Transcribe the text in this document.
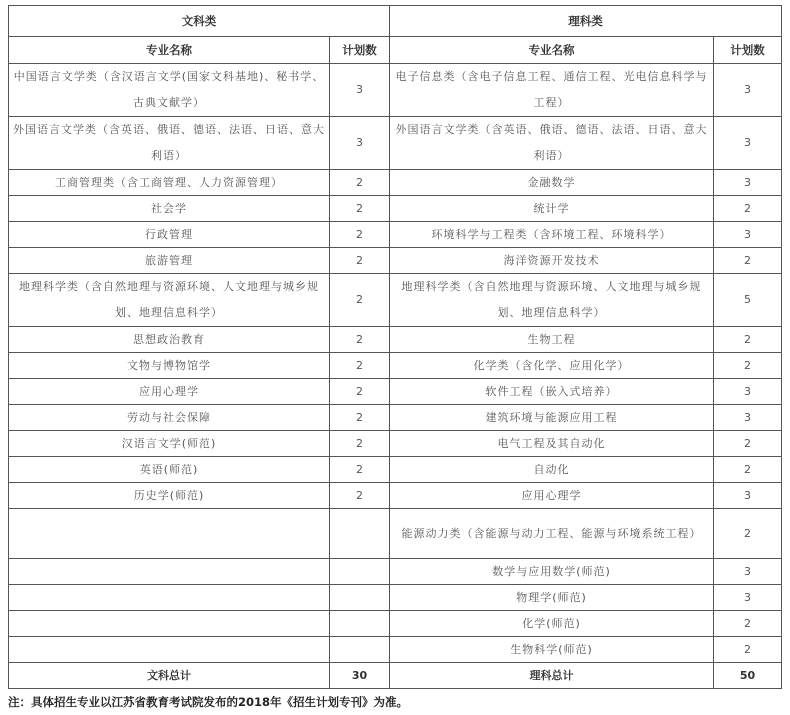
文科类		理科类	
专业名称	计划数	专业名称	计划数
中国语言文学类（含汉语言文学(国家文科基地)、秘书学、古典文献学）	3	电子信息类（含电子信息工程、通信工程、光电信息科学与工程）	3
外国语言文学类（含英语、俄语、德语、法语、日语、意大利语）	3	外国语言文学类（含英语、俄语、德语、法语、日语、意大利语）	3
工商管理类（含工商管理、人力资源管理）	2	金融数学	3
社会学	2	统计学	2
行政管理	2	环境科学与工程类（含环境工程、环境科学）	3
旅游管理	2	海洋资源开发技术	2
地理科学类（含自然地理与资源环境、人文地理与城乡规划、地理信息科学）	2	地理科学类（含自然地理与资源环境、人文地理与城乡规划、地理信息科学）	5
思想政治教育	2	生物工程	2
文物与博物馆学	2	化学类（含化学、应用化学）	2
应用心理学	2	软件工程（嵌入式培养）	3
劳动与社会保障	2	建筑环境与能源应用工程	3
汉语言文学(师范)	2	电气工程及其自动化	2
英语(师范)	2	自动化	2
历史学(师范)	2	应用心理学	3
		能源动力类（含能源与动力工程、能源与环境系统工程）	2
		数学与应用数学(师范)	3
		物理学(师范)	3
		化学(师范)	2
		生物科学(师范)	2
文科总计	30	理科总计	50
注：具体招生专业以江苏省教育考试院发布的2018年《招生计划专刊》为准。
